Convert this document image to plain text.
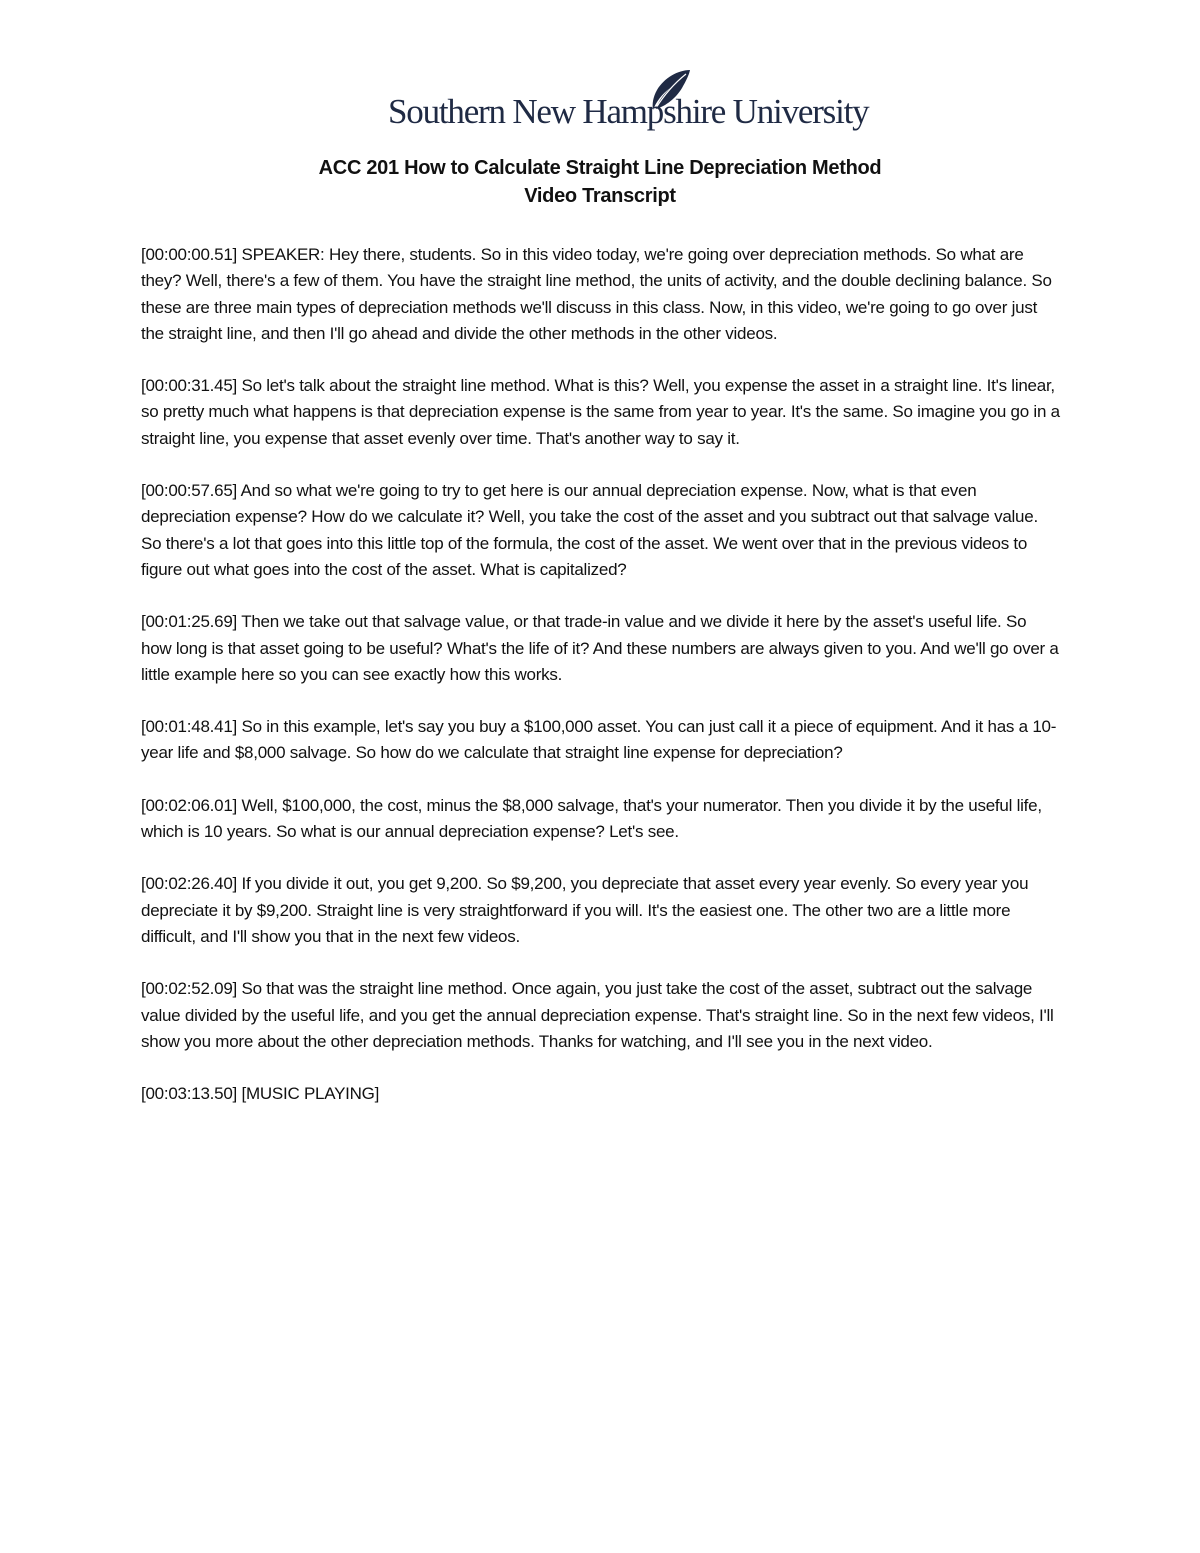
Southern New Hampshire University
ACC 201 How to Calculate Straight Line Depreciation Method
Video Transcript

[00:00:00.51] SPEAKER: Hey there, students. So in this video today, we're going over depreciation methods. So what are they? Well, there's a few of them. You have the straight line method, the units of activity, and the double declining balance. So these are three main types of depreciation methods we'll discuss in this class. Now, in this video, we're going to go over just the straight line, and then I'll go ahead and divide the other methods in the other videos.

[00:00:31.45] So let's talk about the straight line method. What is this? Well, you expense the asset in a straight line. It's linear, so pretty much what happens is that depreciation expense is the same from year to year. It's the same. So imagine you go in a straight line, you expense that asset evenly over time. That's another way to say it.

[00:00:57.65] And so what we're going to try to get here is our annual depreciation expense. Now, what is that even depreciation expense? How do we calculate it? Well, you take the cost of the asset and you subtract out that salvage value. So there's a lot that goes into this little top of the formula, the cost of the asset. We went over that in the previous videos to figure out what goes into the cost of the asset. What is capitalized?

[00:01:25.69] Then we take out that salvage value, or that trade-in value and we divide it here by the asset's useful life. So how long is that asset going to be useful? What's the life of it? And these numbers are always given to you. And we'll go over a little example here so you can see exactly how this works.

[00:01:48.41] So in this example, let's say you buy a $100,000 asset. You can just call it a piece of equipment. And it has a 10-year life and $8,000 salvage. So how do we calculate that straight line expense for depreciation?

[00:02:06.01] Well, $100,000, the cost, minus the $8,000 salvage, that's your numerator. Then you divide it by the useful life, which is 10 years. So what is our annual depreciation expense? Let's see.

[00:02:26.40] If you divide it out, you get 9,200. So $9,200, you depreciate that asset every year evenly. So every year you depreciate it by $9,200. Straight line is very straightforward if you will. It's the easiest one. The other two are a little more difficult, and I'll show you that in the next few videos.

[00:02:52.09] So that was the straight line method. Once again, you just take the cost of the asset, subtract out the salvage value divided by the useful life, and you get the annual depreciation expense. That's straight line. So in the next few videos, I'll show you more about the other depreciation methods. Thanks for watching, and I'll see you in the next video.

[00:03:13.50] [MUSIC PLAYING]
